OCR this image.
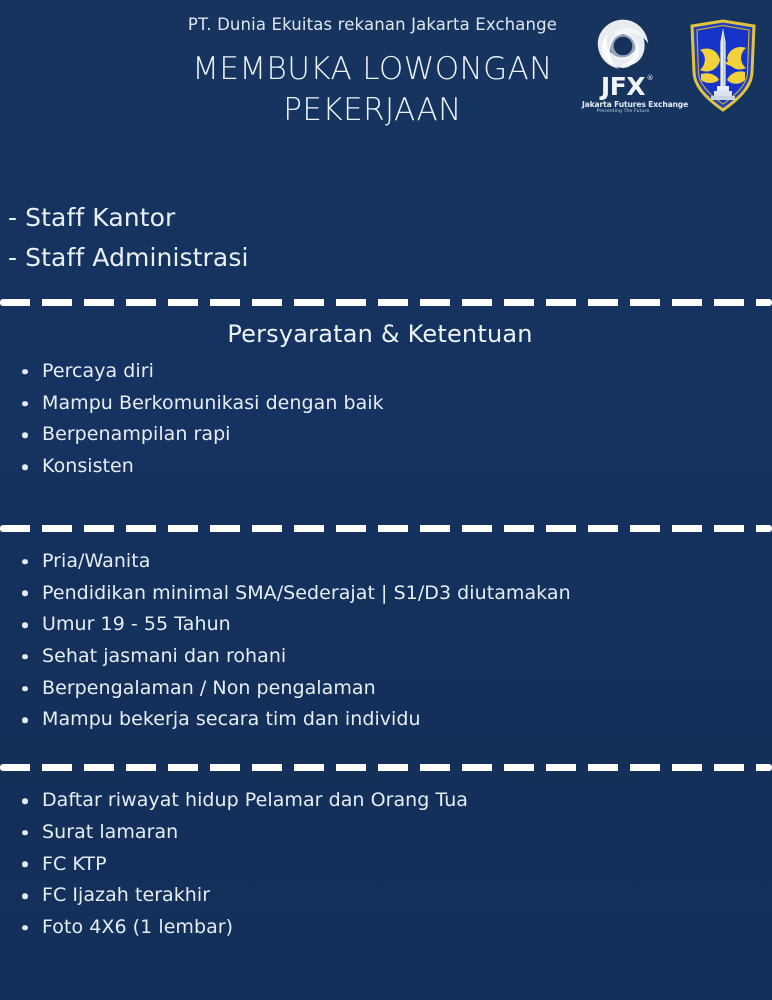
PT. Dunia Ekuitas rekanan Jakarta Exchange
MEMBUKA LOWONGAN PEKERJAAN
JFX ®
Jakarta Futures Exchange
Presenting The Future
- Staff Kantor
- Staff Administrasi
Persyaratan & Ketentuan
Percaya diri
Mampu Berkomunikasi dengan baik
Berpenampilan rapi
Konsisten
Pria/Wanita
Pendidikan minimal SMA/Sederajat | S1/D3 diutamakan
Umur 19 - 55 Tahun
Sehat jasmani dan rohani
Berpengalaman / Non pengalaman
Mampu bekerja secara tim dan individu
Daftar riwayat hidup Pelamar dan Orang Tua
Surat lamaran
FC KTP
FC Ijazah terakhir
Foto 4X6 (1 lembar)
